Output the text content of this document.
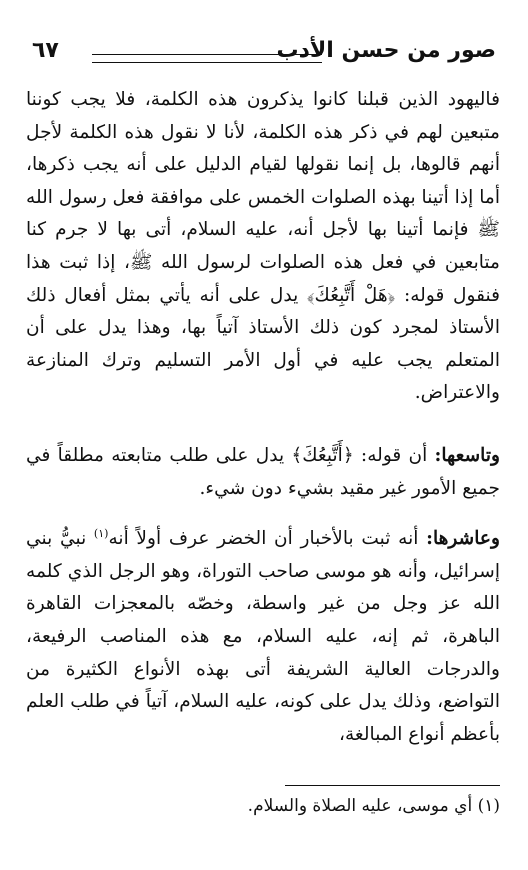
صور من حسن الأدب
٦٧

فاليهود الذين قبلنا كانوا يذكرون هذه الكلمة، فلا يجب كوننا متبعين لهم في ذكر هذه الكلمة، لأنا لا نقول هذه الكلمة لأجل أنهم قالوها، بل إنما نقولها لقيام الدليل على أنه يجب ذكرها، أما إذا أتينا بهذه الصلوات الخمس على موافقة فعل رسول الله ﷺ فإنما أتينا بها لأجل أنه، عليه السلام، أتى بها لا جرم كنا متابعين في فعل هذه الصلوات لرسول الله ﷺ، إذا ثبت هذا فنقول قوله: ﴿هَلْ أَتَّبِعُكَ﴾ يدل على أنه يأتي بمثل أفعال ذلك الأستاذ لمجرد كون ذلك الأستاذ آتياً بها، وهذا يدل على أن المتعلم يجب عليه في أول الأمر التسليم وترك المنازعة والاعتراض.

وتاسعها: أن قوله: ﴿أَتَّبِعُكَ﴾ يدل على طلب متابعته مطلقاً في جميع الأمور غير مقيد بشيء دون شيء.

وعاشرها: أنه ثبت بالأخبار أن الخضر عرف أولاً أنه$^{(١)}$ نبيُّ بني إسرائيل، وأنه هو موسى صاحب التوراة، وهو الرجل الذي كلمه الله عز وجل من غير واسطة، وخصّه بالمعجزات القاهرة الباهرة، ثم إنه، عليه السلام، مع هذه المناصب الرفيعة، والدرجات العالية الشريفة أتى بهذه الأنواع الكثيرة من التواضع، وذلك يدل على كونه، عليه السلام، آتياً في طلب العلم بأعظم أنواع المبالغة،

(١) أي موسى، عليه الصلاة والسلام.
